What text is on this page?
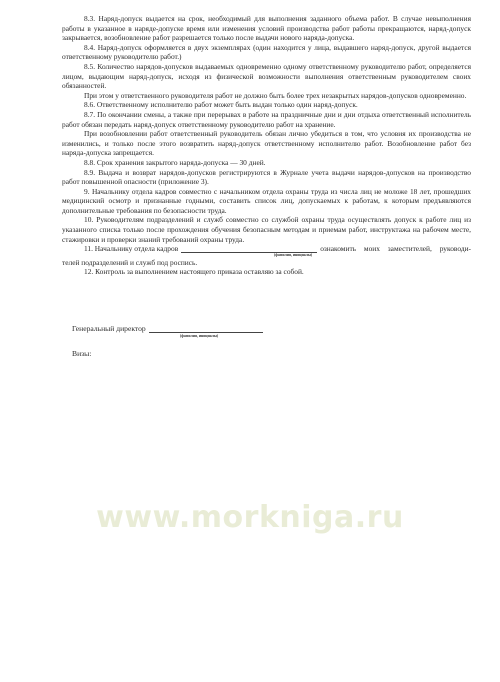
8.3. Наряд-допуск выдается на срок, необходимый для выполнения заданного объема работ. В случае невыполнения работы в указанное в наряде-допуске время или изменения условий производства работ работы прекращаются, наряд-допуск закрывается, возобновление работ разрешается только после выдачи нового наряда-допуска.

8.4. Наряд-допуск оформляется в двух экземплярах (один находится у лица, выдавшего наряд-допуск, другой выдается ответственному руководителю работ.)

8.5. Количество нарядов-допусков выдаваемых одновременно одному ответственному руководителю работ, определяется лицом, выдающим наряд-допуск, исходя из физической возможности выполнения ответственным руководителем своих обязанностей.

При этом у ответственного руководителя работ не должно быть более трех незакрытых нарядов-допусков одновременно.

8.6. Ответственному исполнителю работ может быть выдан только один наряд-допуск.

8.7. По окончании смены, а также при перерывах в работе на праздничные дни и дни отдыха ответственный исполнитель работ обязан передать наряд-допуск ответственному руководителю работ на хранение.

При возобновлении работ ответственный руководитель обязан лично убедиться в том, что условия их производства не изменились, и только после этого возвратить наряд-допуск ответственному исполнителю работ. Возобновление работ без наряда-допуска запрещается.

8.8. Срок хранения закрытого наряда-допуска — 30 дней.

8.9. Выдача и возврат нарядов-допусков регистрируются в Журнале учета выдачи нарядов-допусков на производство работ повышенной опасности (приложение 3).

9. Начальнику отдела кадров совместно с начальником отдела охраны труда из числа лиц не моложе 18 лет, прошедших медицинский осмотр и признанные годными, составить список лиц, допускаемых к работам, к которым предъявляются дополнительные требования по безопасности труда.

10. Руководителям подразделений и служб совместно со службой охраны труда осуществлять допуск к работе лиц из указанного списка только после прохождения обучения безопасным методам и приемам работ, инструктажа на рабочем месте, стажировки и проверки знаний требований охраны труда.

11. Начальнику отдела кадров	ознакомить моих заместителей, руководи-
(фамилия, инициалы)

телей подразделений и служб под роспись.

12. Контроль за выполнением настоящего приказа оставляю за собой.

Генеральный директор
(фамилия, инициалы)
Визы:
www.morkniga.ru
